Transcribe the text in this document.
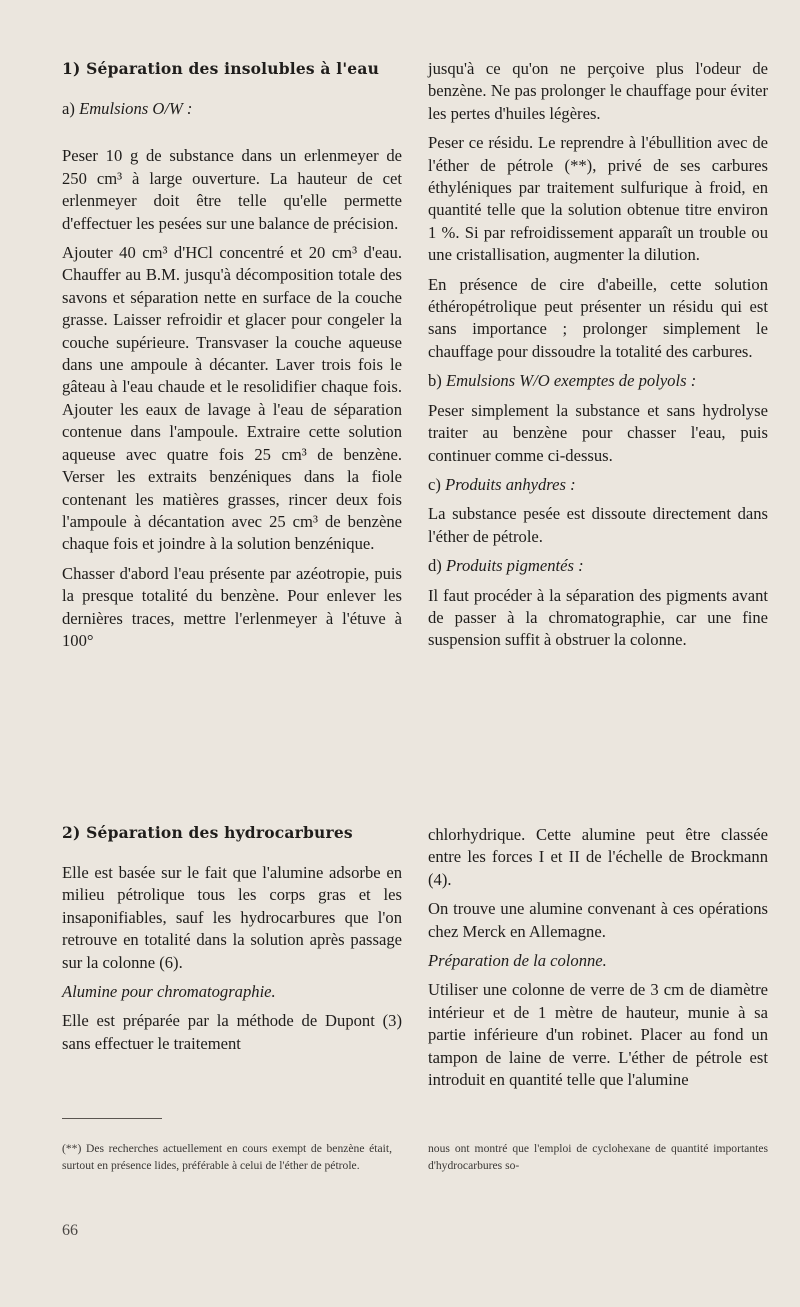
1) Séparation des insolubles à l'eau

a) Emulsions O/W :

Peser 10 g de substance dans un erlenmeyer de 250 cm³ à large ouverture. La hauteur de cet erlenmeyer doit être telle qu'elle permette d'effectuer les pesées sur une balance de précision.

Ajouter 40 cm³ d'HCl concentré et 20 cm³ d'eau. Chauffer au B.M. jusqu'à décomposition totale des savons et séparation nette en surface de la couche grasse. Laisser refroidir et glacer pour congeler la couche supérieure. Transvaser la couche aqueuse dans une ampoule à décanter. Laver trois fois le gâteau à l'eau chaude et le resolidifier chaque fois. Ajouter les eaux de lavage à l'eau de séparation contenue dans l'ampoule. Extraire cette solution aqueuse avec quatre fois 25 cm³ de benzène. Verser les extraits benzéniques dans la fiole contenant les matières grasses, rincer deux fois l'ampoule à décantation avec 25 cm³ de benzène chaque fois et joindre à la solution benzénique.

Chasser d'abord l'eau présente par azéotropie, puis la presque totalité du benzène. Pour enlever les dernières traces, mettre l'erlenmeyer à l'étuve à 100°

jusqu'à ce qu'on ne perçoive plus l'odeur de benzène. Ne pas prolonger le chauffage pour éviter les pertes d'huiles légères.

Peser ce résidu. Le reprendre à l'ébullition avec de l'éther de pétrole (**), privé de ses carbures éthyléniques par traitement sulfurique à froid, en quantité telle que la solution obtenue titre environ 1 %. Si par refroidissement apparaît un trouble ou une cristallisation, augmenter la dilution.

En présence de cire d'abeille, cette solution éthéropétrolique peut présenter un résidu qui est sans importance ; prolonger simplement le chauffage pour dissoudre la totalité des carbures.

b) Emulsions W/O exemptes de polyols :

Peser simplement la substance et sans hydrolyse traiter au benzène pour chasser l'eau, puis continuer comme ci-dessus.

c) Produits anhydres :

La substance pesée est dissoute directement dans l'éther de pétrole.

d) Produits pigmentés :

Il faut procéder à la séparation des pigments avant de passer à la chromatographie, car une fine suspension suffit à obstruer la colonne.

2) Séparation des hydrocarbures

Elle est basée sur le fait que l'alumine adsorbe en milieu pétrolique tous les corps gras et les insaponifiables, sauf les hydrocarbures que l'on retrouve en totalité dans la solution après passage sur la colonne (6).

Alumine pour chromatographie.

Elle est préparée par la méthode de Dupont (3) sans effectuer le traitement

chlorhydrique. Cette alumine peut être classée entre les forces I et II de l'échelle de Brockmann (4).

On trouve une alumine convenant à ces opérations chez Merck en Allemagne.

Préparation de la colonne.

Utiliser une colonne de verre de 3 cm de diamètre intérieur et de 1 mètre de hauteur, munie à sa partie inférieure d'un robinet. Placer au fond un tampon de laine de verre. L'éther de pétrole est introduit en quantité telle que l'alumine

(**) Des recherches actuellement en cours exempt de benzène était, surtout en présence lides, préférable à celui de l'éther de pétrole.
nous ont montré que l'emploi de cyclohexane de quantité importantes d'hydrocarbures so-
66
